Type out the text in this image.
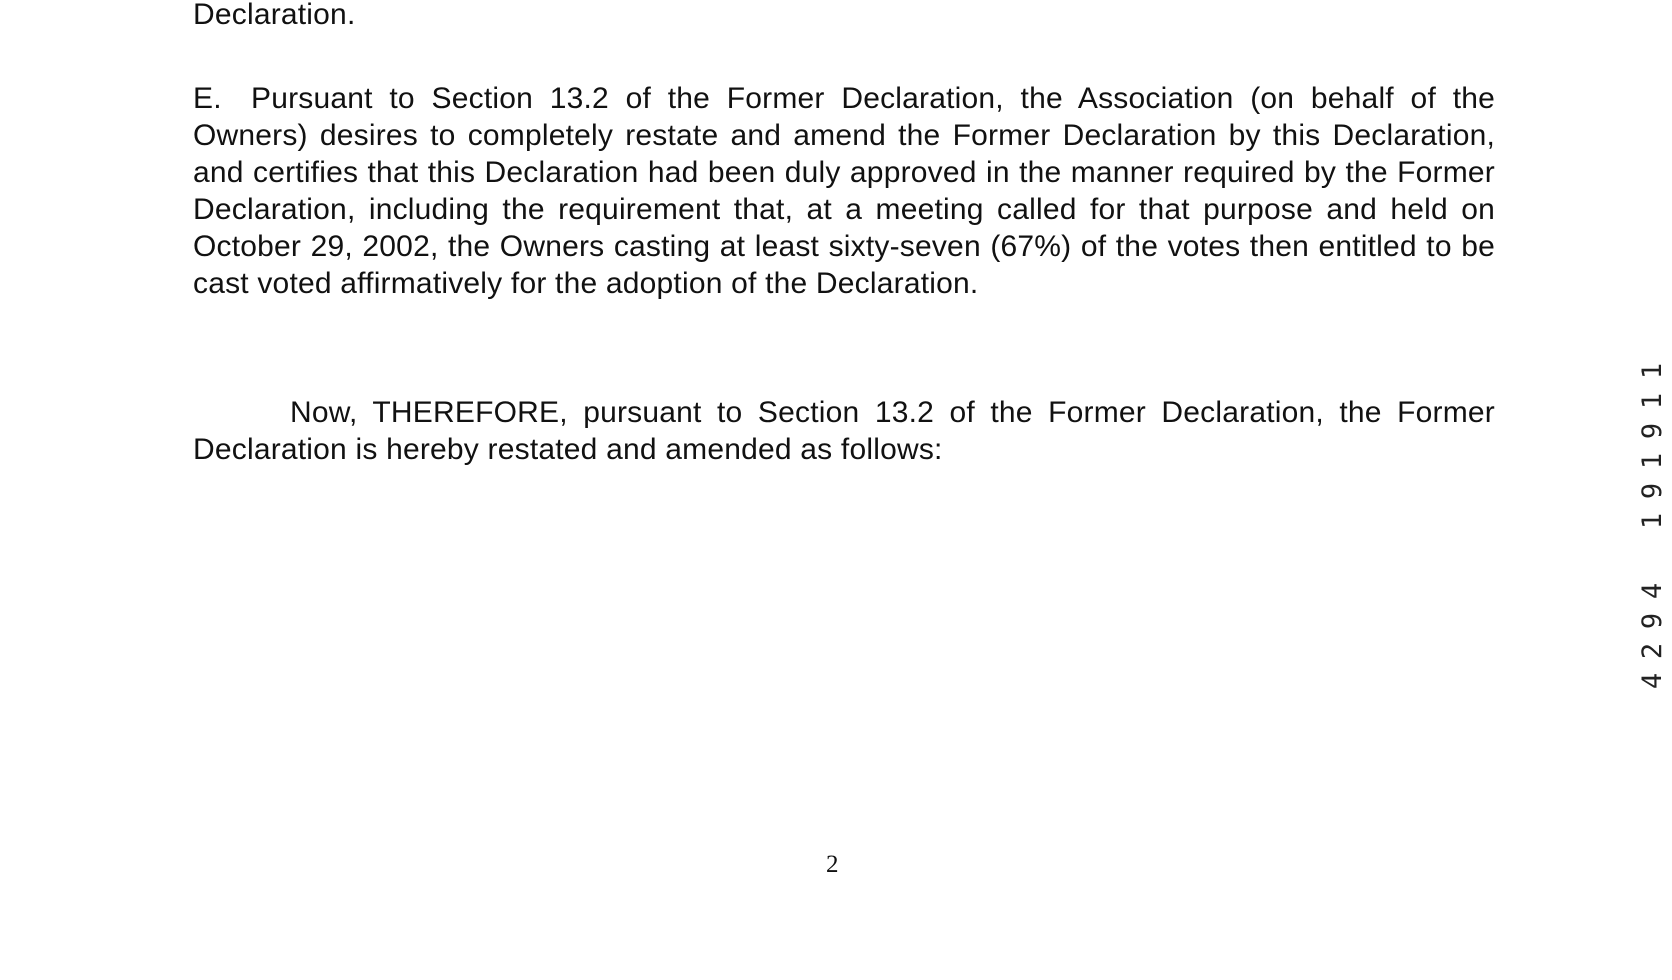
Declaration.
E. Pursuant to Section 13.2 of the Former Declaration, the Association (on behalf of the Owners) desires to completely restate and amend the Former Declaration by this Declaration, and certifies that this Declaration had been duly approved in the manner required by the Former Declaration, including the requirement that, at a meeting called for that purpose and held on October 29, 2002, the Owners casting at least sixty-seven (67%) of the votes then entitled to be cast voted affirmatively for the adoption of the Declaration.
Now, THEREFORE, pursuant to Section 13.2 of the Former Declaration, the Former Declaration is hereby restated and amended as follows:
2
1
1
9
1
9
1
4
9
2
4
